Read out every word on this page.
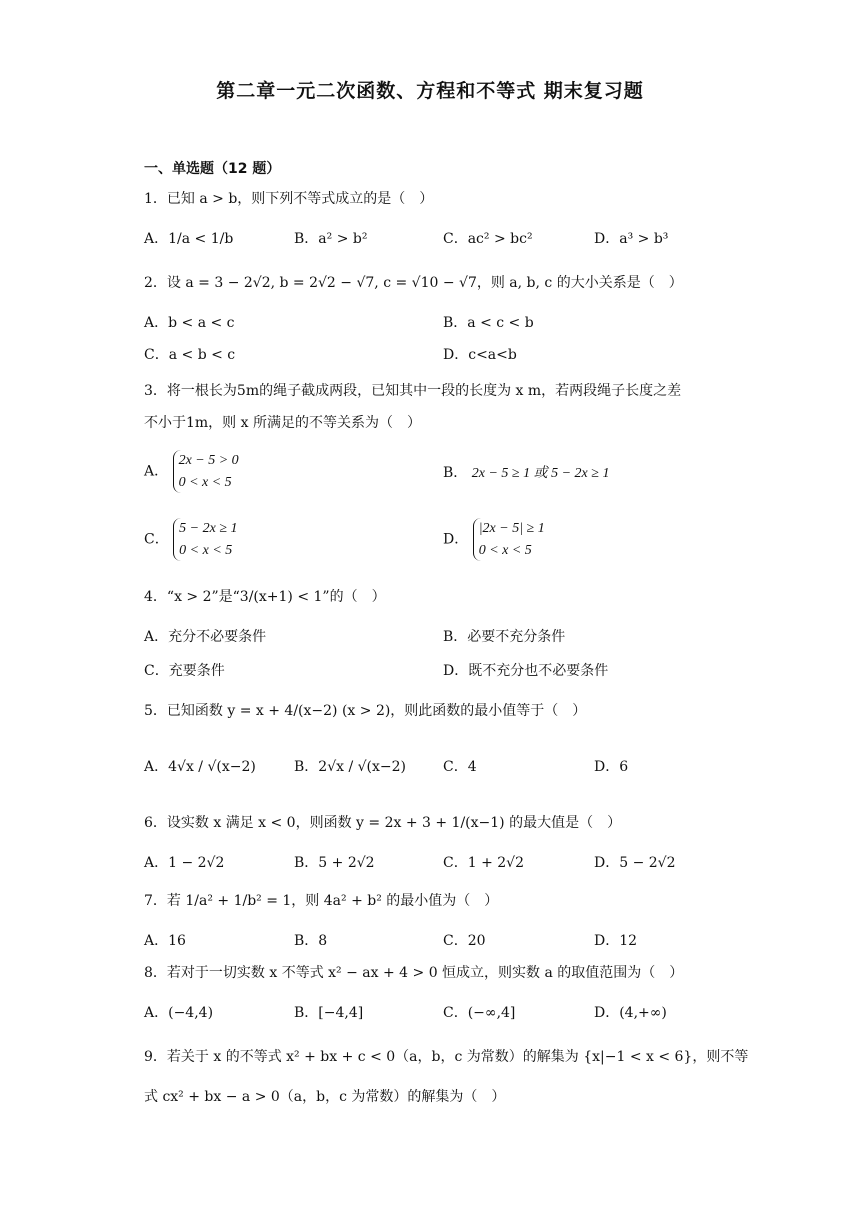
第二章一元二次函数、方程和不等式 期末复习题
一、单选题（12 题）
1．已知 a > b，则下列不等式成立的是（　）
A．1/a < 1/b	B．a² > b²	C．ac² > bc²	D．a³ > b³
2．设 a = 3 − 2√2, b = 2√2 − √7, c = √10 − √7，则 a, b, c 的大小关系是（　）
A．b < a < c	B．a < c < b
C．a < b < c	D．c<a<b
3．将一根长为5m的绳子截成两段，已知其中一段的长度为 x m，若两段绳子长度之差
不小于1m，则 x 所满足的不等关系为（　）
A．
2x − 5 > 0
0 < x < 5
B． 2x − 5 ≥ 1 或 5 − 2x ≥ 1
C．
5 − 2x ≥ 1
0 < x < 5
D．
|2x − 5| ≥ 1
0 < x < 5
4．“x > 2”是“3/(x+1) < 1”的（　）
A．充分不必要条件	B．必要不充分条件
C．充要条件	D．既不充分也不必要条件
5．已知函数 y = x + 4/(x−2) (x > 2)，则此函数的最小值等于（　）
A．4√x / √(x−2)	B．2√x / √(x−2)	C．4	D．6
6．设实数 x 满足 x < 0，则函数 y = 2x + 3 + 1/(x−1) 的最大值是（　）
A．1 − 2√2	B．5 + 2√2	C．1 + 2√2	D．5 − 2√2
7．若 1/a² + 1/b² = 1，则 4a² + b² 的最小值为（　）
A．16	B．8	C．20	D．12
8．若对于一切实数 x 不等式 x² − ax + 4 > 0 恒成立，则实数 a 的取值范围为（　）
A．(−4,4)	B．[−4,4]	C．(−∞,4]	D．(4,+∞)
9．若关于 x 的不等式 x² + bx + c < 0（a，b，c 为常数）的解集为 {x|−1 < x < 6}，则不等
式 cx² + bx − a > 0（a，b，c 为常数）的解集为（　）
